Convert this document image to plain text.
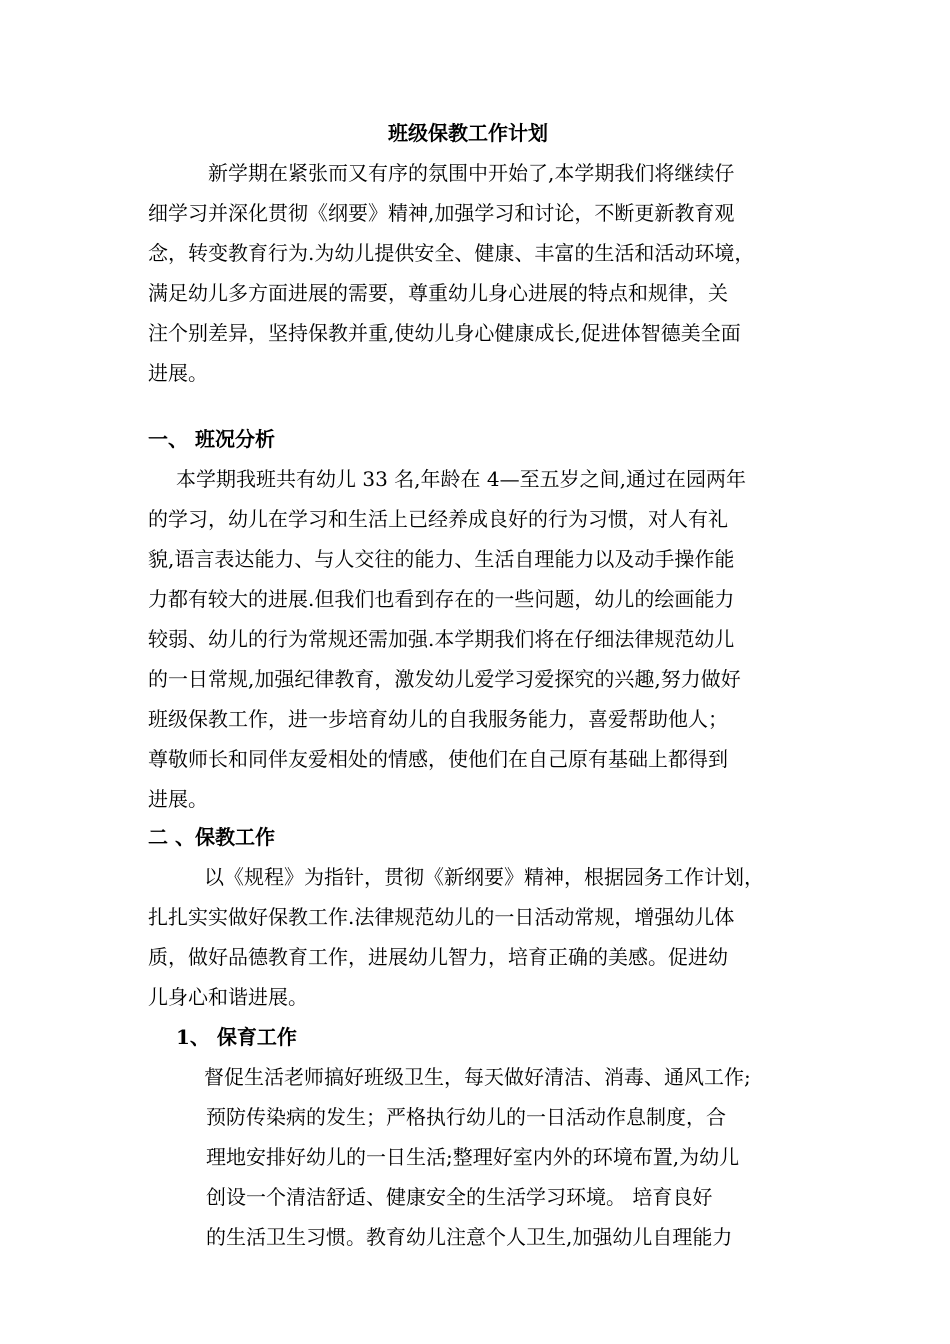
班级保教工作计划
新学期在紧张而又有序的氛围中开始了,本学期我们将继续仔
细学习并深化贯彻《纲要》精神,加强学习和讨论，不断更新教育观
念，转变教育行为.为幼儿提供安全、健康、丰富的生活和活动环境，
满足幼儿多方面进展的需要，尊重幼儿身心进展的特点和规律，关
注个别差异，坚持保教并重,使幼儿身心健康成长,促进体智德美全面
进展。
一、 班况分析
本学期我班共有幼儿 33 名,年龄在 4—至五岁之间,通过在园两年
的学习，幼儿在学习和生活上已经养成良好的行为习惯，对人有礼
貌,语言表达能力、与人交往的能力、生活自理能力以及动手操作能
力都有较大的进展.但我们也看到存在的一些问题，幼儿的绘画能力
较弱、幼儿的行为常规还需加强.本学期我们将在仔细法律规范幼儿
的一日常规,加强纪律教育，激发幼儿爱学习爱探究的兴趣,努力做好
班级保教工作，进一步培育幼儿的自我服务能力，喜爱帮助他人；
尊敬师长和同伴友爱相处的情感，使他们在自己原有基础上都得到
进展。
二 、保教工作
以《规程》为指针，贯彻《新纲要》精神，根据园务工作计划，
扎扎实实做好保教工作.法律规范幼儿的一日活动常规，增强幼儿体
质，做好品德教育工作，进展幼儿智力，培育正确的美感。促进幼
儿身心和谐进展。
1、 保育工作
督促生活老师搞好班级卫生，每天做好清洁、消毒、通风工作;
预防传染病的发生；严格执行幼儿的一日活动作息制度，合
理地安排好幼儿的一日生活;整理好室内外的环境布置,为幼儿
创设一个清洁舒适、健康安全的生活学习环境。 培育良好
的生活卫生习惯。教育幼儿注意个人卫生,加强幼儿自理能力
